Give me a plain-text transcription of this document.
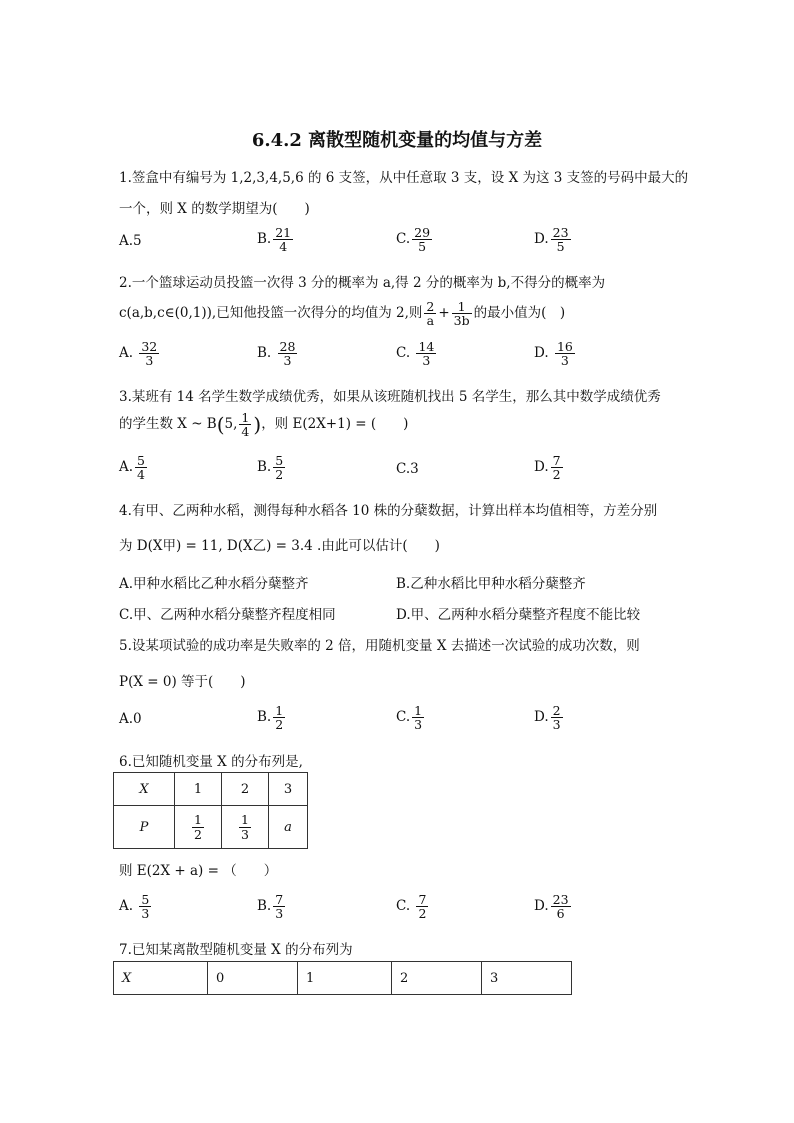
6.4.2 离散型随机变量的均值与方差
1.签盒中有编号为 1,2,3,4,5,6 的 6 支签，从中任意取 3 支，设 X 为这 3 支签的号码中最大的
一个，则 X 的数学期望为(　　)
A.5	B. $\frac{21}{4}$	C. $\frac{29}{5}$	D. $\frac{23}{5}$
2.一个篮球运动员投篮一次得 3 分的概率为 a,得 2 分的概率为 b,不得分的概率为
c(a,b,c∈(0,1)),已知他投篮一次得分的均值为 2,则 $\frac{2}{a} + \frac{1}{3b}$ 的最小值为(　)
A. $\frac{32}{3}$	B. $\frac{28}{3}$	C. $\frac{14}{3}$	D. $\frac{16}{3}$
3.某班有 14 名学生数学成绩优秀，如果从该班随机找出 5 名学生，那么其中数学成绩优秀
的学生数 X ~ B(5, $\frac{1}{4}$ )，则 E(2X+1) = (　　)
A. $\frac{5}{4}$	B. $\frac{5}{2}$	C.3	D. $\frac{7}{2}$
4.有甲、乙两种水稻，测得每种水稻各 10 株的分蘖数据，计算出样本均值相等，方差分别
为 D(X甲) = 11, D(X乙) = 3.4 .由此可以估计(　　)
A.甲种水稻比乙种水稻分蘖整齐	B.乙种水稻比甲种水稻分蘖整齐
C.甲、乙两种水稻分蘖整齐程度相同	D.甲、乙两种水稻分蘖整齐程度不能比较
5.设某项试验的成功率是失败率的 2 倍，用随机变量 X 去描述一次试验的成功次数，则
P(X = 0) 等于(　　)
A.0	B. $\frac{1}{2}$	C. $\frac{1}{3}$	D. $\frac{2}{3}$
6.已知随机变量 X 的分布列是,
X	1	2	3
P	$\frac{1}{2}$	$\frac{1}{3}$	a
则 E(2X + a) = （　　）
A. $\frac{5}{3}$	B. $\frac{7}{3}$	C. $\frac{7}{2}$	D. $\frac{23}{6}$
7.已知某离散型随机变量 X 的分布列为
X	0	1	2	3
